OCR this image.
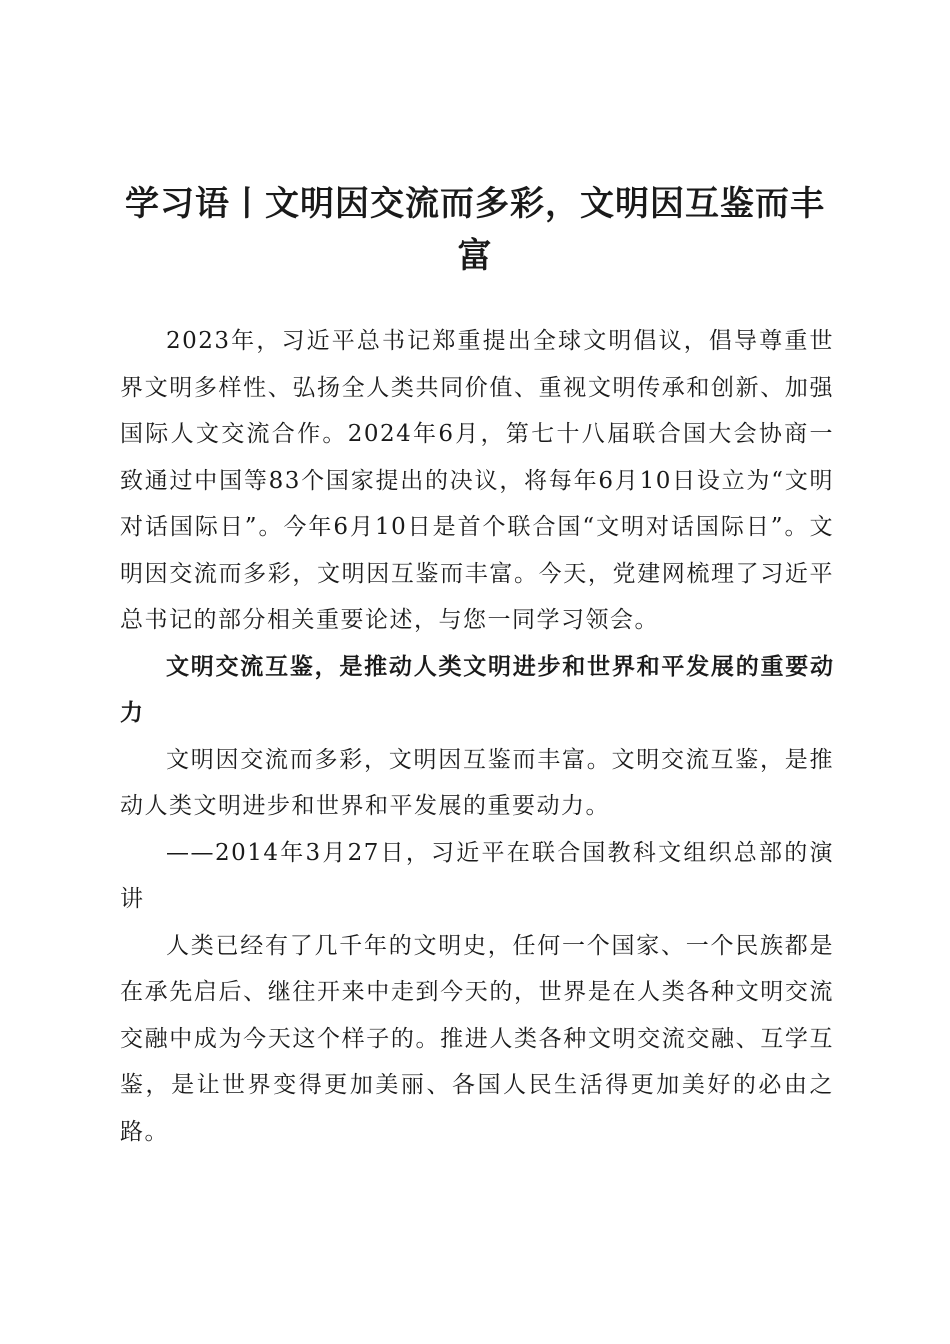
学习语丨文明因交流而多彩，文明因互鉴而丰富

2023年，习近平总书记郑重提出全球文明倡议，倡导尊重世界文明多样性、弘扬全人类共同价值、重视文明传承和创新、加强国际人文交流合作。2024年6月，第七十八届联合国大会协商一致通过中国等83个国家提出的决议，将每年6月10日设立为“文明对话国际日”。今年6月10日是首个联合国“文明对话国际日”。文明因交流而多彩，文明因互鉴而丰富。今天，党建网梳理了习近平总书记的部分相关重要论述，与您一同学习领会。

文明交流互鉴，是推动人类文明进步和世界和平发展的重要动力

文明因交流而多彩，文明因互鉴而丰富。文明交流互鉴，是推动人类文明进步和世界和平发展的重要动力。

——2014年3月27日，习近平在联合国教科文组织总部的演讲

人类已经有了几千年的文明史，任何一个国家、一个民族都是在承先启后、继往开来中走到今天的，世界是在人类各种文明交流交融中成为今天这个样子的。推进人类各种文明交流交融、互学互鉴，是让世界变得更加美丽、各国人民生活得更加美好的必由之路。
